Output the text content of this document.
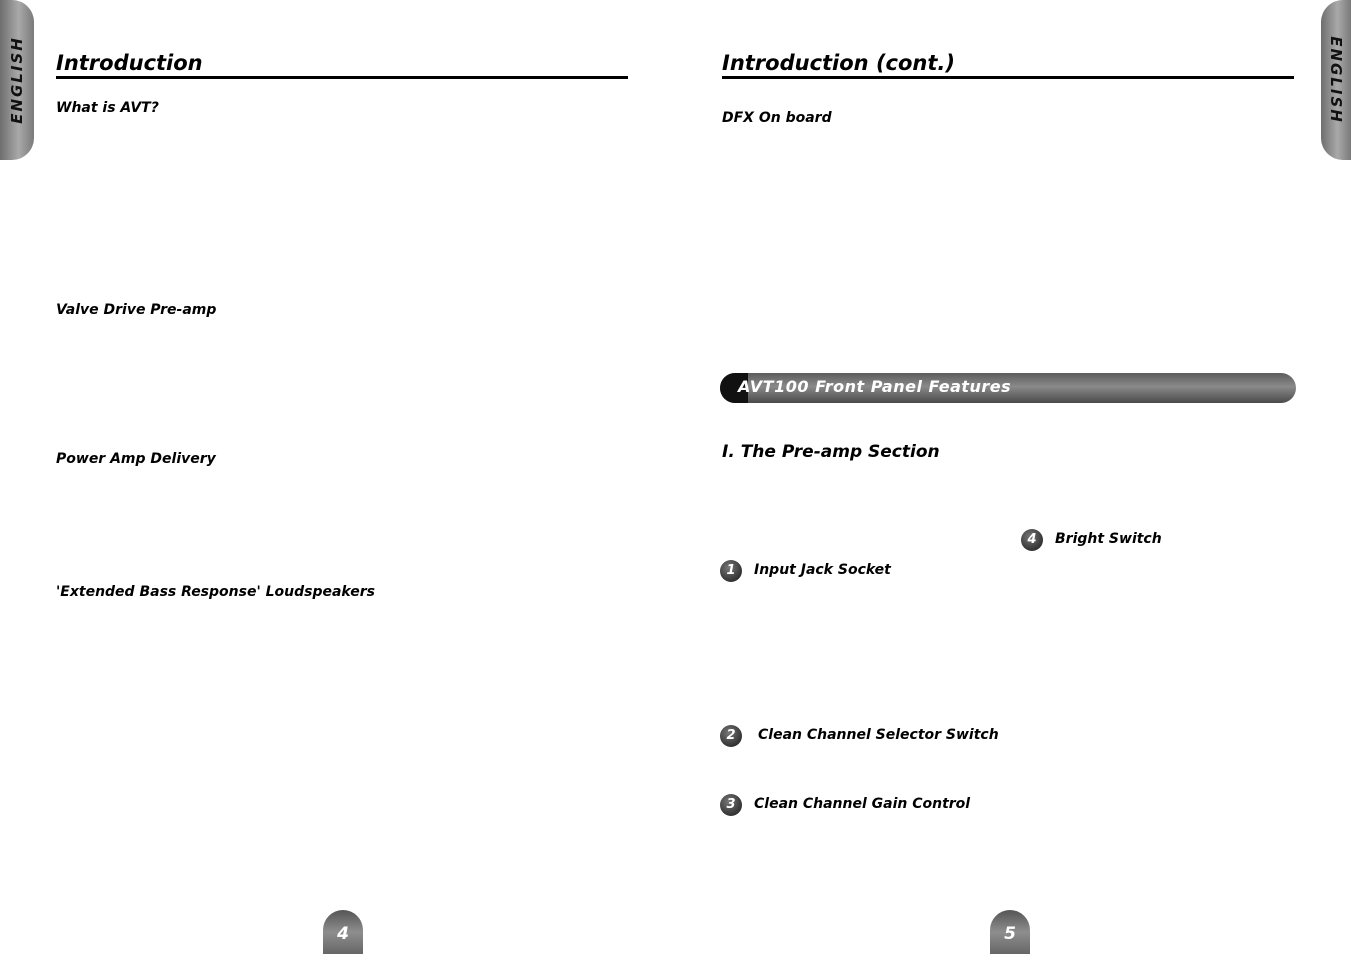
ENGLISH	ENGLISH
Introduction
What is AVT?
Valve Drive Pre-amp
Power Amp Delivery
'Extended Bass Response' Loudspeakers
4
Introduction (cont.)
DFX On board
AVT100 Front Panel Features
I. The Pre-amp Section
4	Bright Switch
1	Input Jack Socket
2	Clean Channel Selector Switch
3	Clean Channel Gain Control
5
